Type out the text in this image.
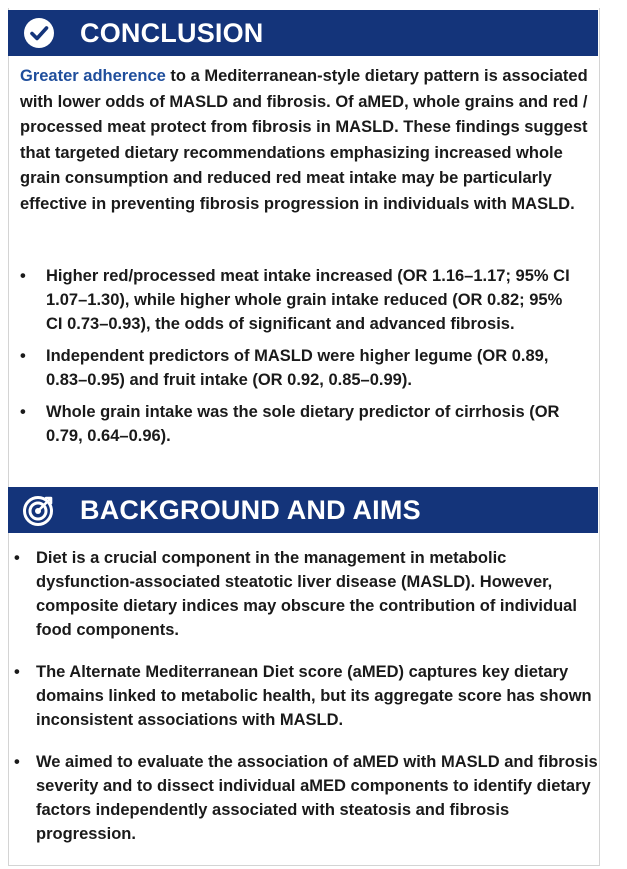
CONCLUSION
Greater adherence to a Mediterranean-style dietary pattern is associated with lower odds of MASLD and fibrosis. Of aMED, whole grains and red / processed meat protect from fibrosis in MASLD. These findings suggest that targeted dietary recommendations emphasizing increased whole grain consumption and reduced red meat intake may be particularly effective in preventing fibrosis progression in individuals with MASLD.
• Higher red/processed meat intake increased (OR 1.16–1.17; 95% CI 1.07–1.30), while higher whole grain intake reduced (OR 0.82; 95% CI 0.73–0.93), the odds of significant and advanced fibrosis.
• Independent predictors of MASLD were higher legume (OR 0.89, 0.83–0.95) and fruit intake (OR 0.92, 0.85–0.99).
• Whole grain intake was the sole dietary predictor of cirrhosis (OR 0.79, 0.64–0.96).
BACKGROUND AND AIMS
• Diet is a crucial component in the management in metabolic dysfunction-associated steatotic liver disease (MASLD). However, composite dietary indices may obscure the contribution of individual food components.
• The Alternate Mediterranean Diet score (aMED) captures key dietary domains linked to metabolic health, but its aggregate score has shown inconsistent associations with MASLD.
• We aimed to evaluate the association of aMED with MASLD and fibrosis severity and to dissect individual aMED components to identify dietary factors independently associated with steatosis and fibrosis progression.
